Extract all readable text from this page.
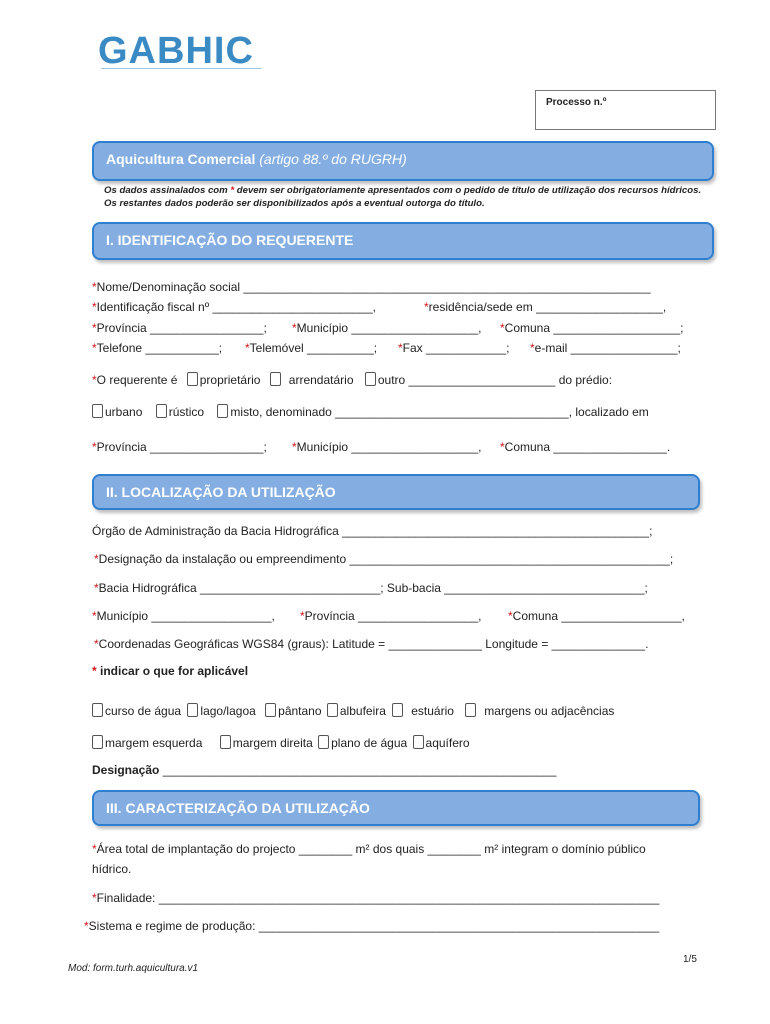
GABHIC
Processo n.º
Aquicultura Comercial (artigo 88.º do RUGRH)
Os dados assinalados com * devem ser obrigatoriamente apresentados com o pedido de título de utilização dos recursos hídricos. Os restantes dados poderão ser disponibilizados após a eventual outorga do título.
I. IDENTIFICAÇÃO DO REQUERENTE
*Nome/Denominação social _____________________________________________________________
*Identificação fiscal nº ________________________,	*residência/sede em ___________________,
*Província _________________; *Município ___________________, *Comuna ___________________;
*Telefone ___________; *Telemóvel __________; *Fax ____________; *e-mail ________________;
*O requerente é proprietário arrendatário outro ______________________ do prédio:
urbano rústico misto, denominado ___________________________________, localizado em
*Província _________________; *Município ___________________, *Comuna _________________.
II. LOCALIZAÇÃO DA UTILIZAÇÃO
Órgão de Administração da Bacia Hidrográfica ______________________________________________;
*Designação da instalação ou empreendimento ________________________________________________;
*Bacia Hidrográfica ___________________________; Sub-bacia ______________________________;
*Município __________________, *Província __________________, *Comuna __________________,
*Coordenadas Geográficas WGS84 (graus): Latitude = ______________ Longitude = ______________.
* indicar o que for aplicável
curso de água lago/lagoa pântano albufeira estuário	margens ou adjacências
margem esquerda	margem direita plano de água aquífero
Designação ___________________________________________________________
III. CARACTERIZAÇÃO DA UTILIZAÇÃO
*Área total de implantação do projecto ________ m² dos quais ________ m² integram o domínio público
hídrico.
*Finalidade: ___________________________________________________________________________
*Sistema e regime de produção: ____________________________________________________________
1/5
Mod: form.turh.aquicultura.v1
